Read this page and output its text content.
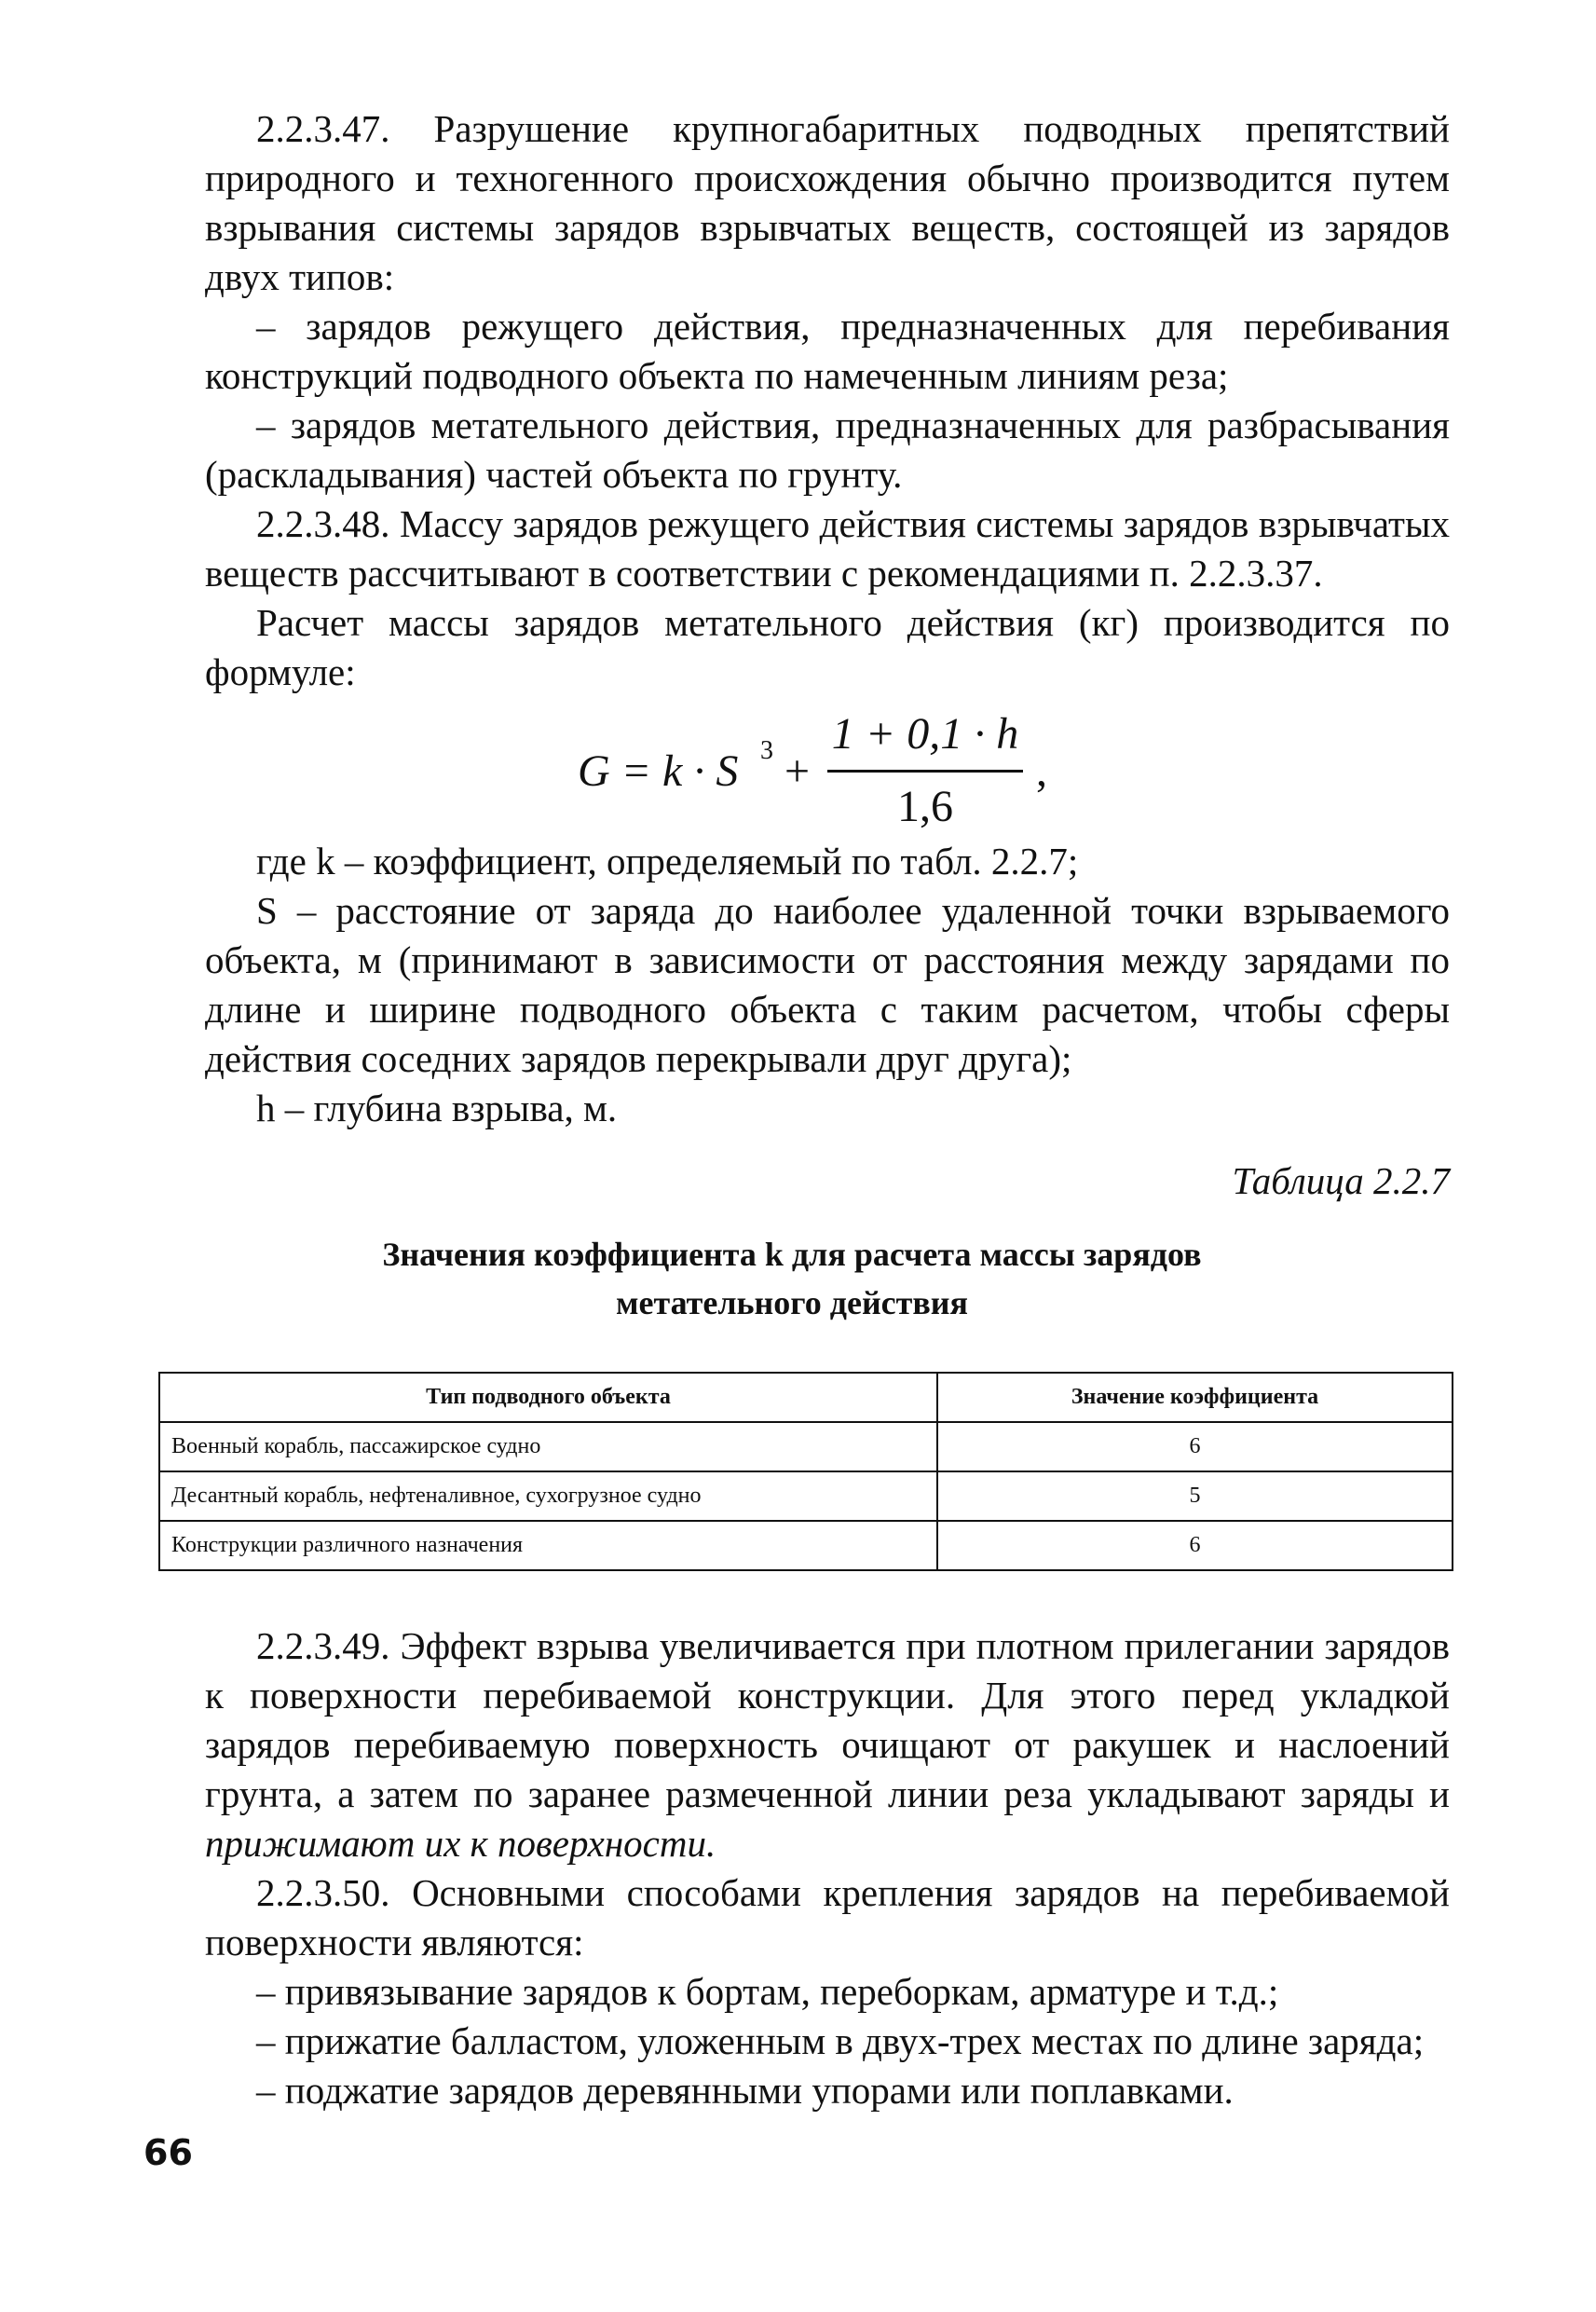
2.2.3.47. Разрушение крупногабаритных подводных препятствий природного и техногенного происхождения обычно производится путем взрывания системы зарядов взрывчатых веществ, состоящей из зарядов двух типов:
– зарядов режущего действия, предназначенных для перебивания конструкций подводного объекта по намеченным линиям реза;
– зарядов метательного действия, предназначенных для разбрасывания (раскладывания) частей объекта по грунту.
2.2.3.48. Массу зарядов режущего действия системы зарядов взрывчатых веществ рассчитывают в соответствии с рекомендациями п. 2.2.3.37.
Расчет массы зарядов метательного действия (кг) производится по формуле:
G = k · S 3 +
1 + 0,1 · h
1,6
,
где k – коэффициент, определяемый по табл. 2.2.7;
S – расстояние от заряда до наиболее удаленной точки взрываемого объекта, м (принимают в зависимости от расстояния между зарядами по длине и ширине подводного объекта с таким расчетом, чтобы сферы действия соседних зарядов перекрывали друг друга);
h – глубина взрыва, м.
Таблица 2.2.7
Значения коэффициента k для расчета массы зарядов
метательного действия
Тип подводного объекта	Значение коэффициента
Военный корабль, пассажирское судно	6
Десантный корабль, нефтеналивное, сухогрузное судно	5
Конструкции различного назначения	6
2.2.3.49. Эффект взрыва увеличивается при плотном прилегании зарядов к поверхности перебиваемой конструкции. Для этого перед укладкой зарядов перебиваемую поверхность очищают от ракушек и наслоений грунта, а затем по заранее размеченной линии реза укладывают заряды и прижимают их к поверхности.
2.2.3.50. Основными способами крепления зарядов на перебиваемой поверхности являются:
– привязывание зарядов к бортам, переборкам, арматуре и т.д.;
– прижатие балластом, уложенным в двух-трех местах по длине заряда;
– поджатие зарядов деревянными упорами или поплавками.
66
